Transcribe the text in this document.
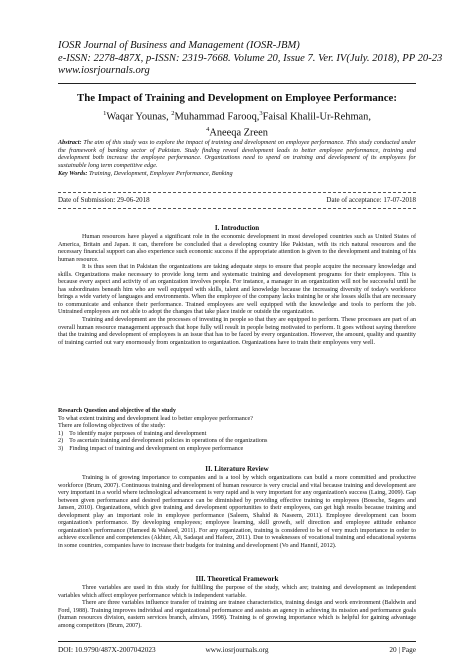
IOSR Journal of Business and Management (IOSR-JBM)
e-ISSN: 2278-487X, p-ISSN: 2319-7668. Volume 20, Issue 7. Ver. IV(July. 2018), PP 20-23
www.iosrjournals.org
The Impact of Training and Development on Employee Performance:
$^1$Waqar Younas, $^2$Muhammad Farooq,$^3$Faisal Khalil-Ur-Rehman,
$^4$Aneeqa Zreen
Abstract: The aim of this study was to explore the impact of training and development on employee performance. This study conducted under the framework of banking sector of Pakistan. Study finding reveal development leads to better employee performance, training and development both increase the employee performance. Organizations need to spend on training and development of its employees for sustainable long term competitive edge.
Key Words: Training, Development, Employee Performance, Banking
Date of Submission: 29-06-2018	Date of acceptance: 17-07-2018
I. Introduction

Human resources have played a significant role in the economic development in most developed countries such as United States of America, Britain and Japan. it can, therefore be concluded that a developing country like Pakistan, with its rich natural resources and the necessary financial support can also experience such economic success if the appropriate attention is given to the development and training of his human resource.

It is thus seen that in Pakistan the organizations are taking adequate steps to ensure that people acquire the necessary knowledge and skills. Organizations make necessary to provide long term and systematic training and development programs for their employees. This is because every aspect and activity of an organization involves people. For instance, a manager in an organization will not be successful until he has subordinates beneath him who are well equipped with skills, talent and knowledge because the increasing diversity of today's workforce brings a wide variety of languages and environments. When the employee of the company lacks training he or she losses skills that are necessary to communicate and enhance their performance. Trained employees are well equipped with the knowledge and tools to perform the job. Untrained employees are not able to adopt the changes that take place inside or outside the organization.

Training and development are the processes of investing in people so that they are equipped to perform. These processes are part of an overall human resource management approach that hope fully will result in people being motivated to perform. It goes without saying therefore that the training and development of employees is an issue that has to be faced by every organization. However, the amount, quality and quantity of training carried out vary enormously from organization to organization. Organizations have to train their employees very well.

Research Question and objective of the study

To what extent training and development lead to better employee performance?

There are following objectives of the study:

1)    To identify major purposes of training and development

2)    To ascertain training and development policies in operations of the organizations

3)    Finding impact of training and development on employee performance

II. Literature Review

Training is of growing importance to companies and is a tool by which organizations can build a more committed and productive workforce (Brum, 2007). Continuous training and development of human resource is very crucial and vital because training and development are very important in a world where technological advancement is very rapid and is very important for any organization's success (Laing, 2009). Gap between given performance and desired performance can be diminished by providing effective training to employees (Bossche, Segers and Jansen, 2010). Organizations, which give training and development opportunities to their employees, can get high results because training and development play an important role in employee performance (Saleem, Shahid & Naseem, 2011). Employee development can boom organization's performance. By developing employees; employee learning, skill growth, self direction and employee attitude enhance organization's performance (Hameed & Waheed, 2011). For any organization, training is considered to be of very much importance in order to achieve excellence and competencies (Akhter, Ali, Sadaqat and Hafeez, 2011). Due to weaknesses of vocational training and educational systems in some countries, companies have to increase their budgets for training and development (Vo and Hannif, 2012).

III. Theoretical Framework

Three variables are used in this study for fulfilling the purpose of the study, which are; training and development as independent variables which affect employee performance which is independent variable.

There are three variables influence transfer of training are trainee characteristics, training design and work environment (Baldwin and Ford, 1988). Training improves individual and organizational performance and assists an agency in achieving its mission and performance goals (human resources division, eastern services branch, afm/ars, 1998). Training is of growing importance which is helpful for gaining advantage among competitors (Brum, 2007).

DOI: 10.9790/487X-2007042023	www.iosrjournals.org	20 | Page
